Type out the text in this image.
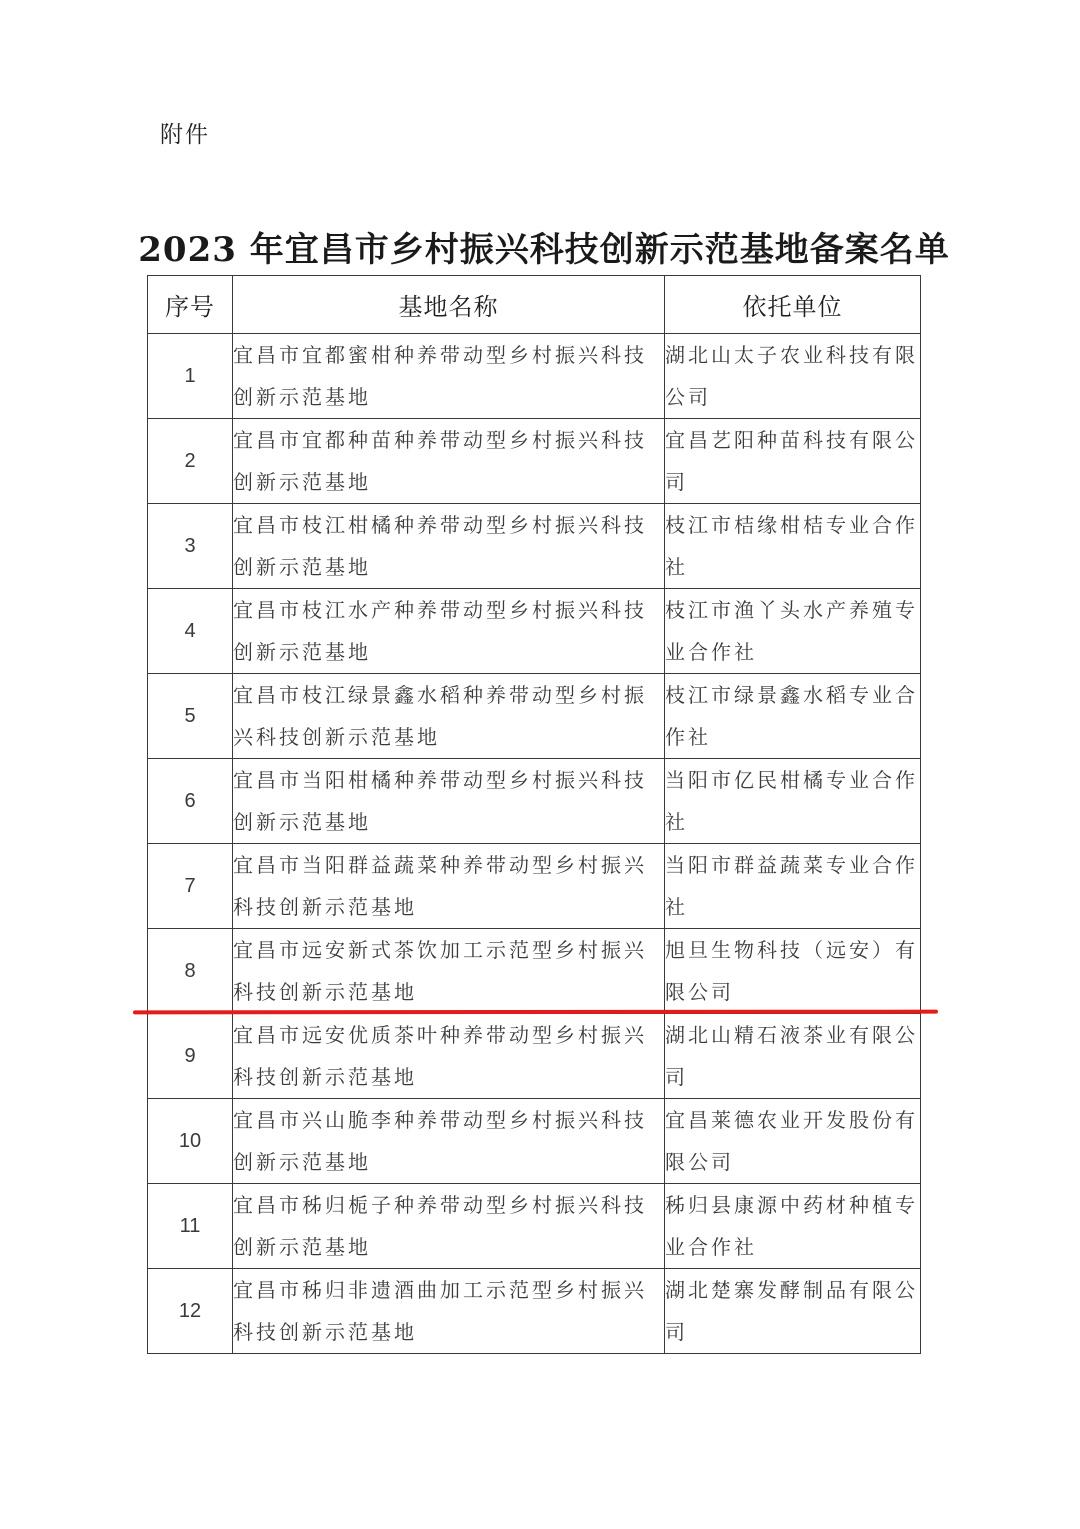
附件
2023 年宜昌市乡村振兴科技创新示范基地备案名单
序号	基地名称	依托单位
1	宜昌市宜都蜜柑种养带动型乡村振兴科技创新示范基地	湖北山太子农业科技有限公司
2	宜昌市宜都种苗种养带动型乡村振兴科技创新示范基地	宜昌艺阳种苗科技有限公司
3	宜昌市枝江柑橘种养带动型乡村振兴科技创新示范基地	枝江市桔缘柑桔专业合作社
4	宜昌市枝江水产种养带动型乡村振兴科技创新示范基地	枝江市渔丫头水产养殖专业合作社
5	宜昌市枝江绿景鑫水稻种养带动型乡村振兴科技创新示范基地	枝江市绿景鑫水稻专业合作社
6	宜昌市当阳柑橘种养带动型乡村振兴科技创新示范基地	当阳市亿民柑橘专业合作社
7	宜昌市当阳群益蔬菜种养带动型乡村振兴科技创新示范基地	当阳市群益蔬菜专业合作社
8	宜昌市远安新式茶饮加工示范型乡村振兴科技创新示范基地	旭旦生物科技（远安）有限公司
9	宜昌市远安优质茶叶种养带动型乡村振兴科技创新示范基地	湖北山精石液茶业有限公司
10	宜昌市兴山脆李种养带动型乡村振兴科技创新示范基地	宜昌莱德农业开发股份有限公司
11	宜昌市秭归栀子种养带动型乡村振兴科技创新示范基地	秭归县康源中药材种植专业合作社
12	宜昌市秭归非遗酒曲加工示范型乡村振兴科技创新示范基地	湖北楚寨发酵制品有限公司
